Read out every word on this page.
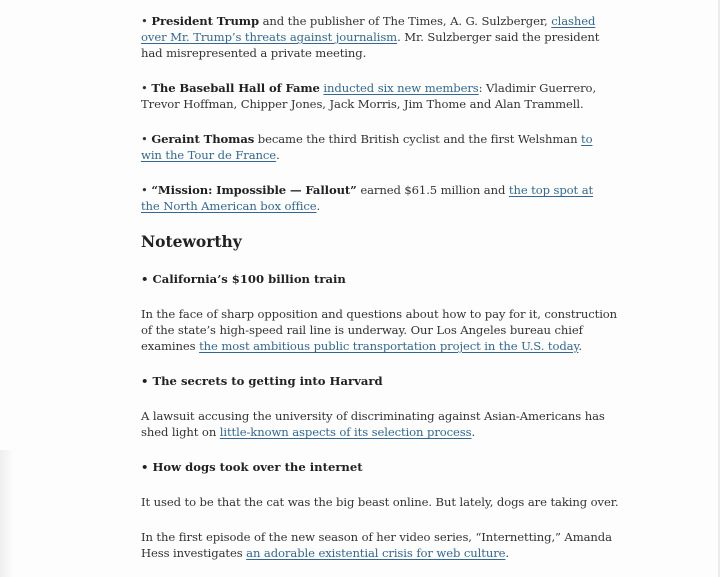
• President Trump and the publisher of The Times, A. G. Sulzberger, clashed
over Mr. Trump’s threats against journalism. Mr. Sulzberger said the president
had misrepresented a private meeting.
• The Baseball Hall of Fame inducted six new members: Vladimir Guerrero,
Trevor Hoffman, Chipper Jones, Jack Morris, Jim Thome and Alan Trammell.
• Geraint Thomas became the third British cyclist and the first Welshman to
win the Tour de France.
• “Mission: Impossible — Fallout” earned $61.5 million and the top spot at
the North American box office.
Noteworthy
• California’s $100 billion train
In the face of sharp opposition and questions about how to pay for it, construction
of the state’s high-speed rail line is underway. Our Los Angeles bureau chief
examines the most ambitious public transportation project in the U.S. today.
• The secrets to getting into Harvard
A lawsuit accusing the university of discriminating against Asian-Americans has
shed light on little-known aspects of its selection process.
• How dogs took over the internet
It used to be that the cat was the big beast online. But lately, dogs are taking over.
In the first episode of the new season of her video series, “Internetting,” Amanda
Hess investigates an adorable existential crisis for web culture.
